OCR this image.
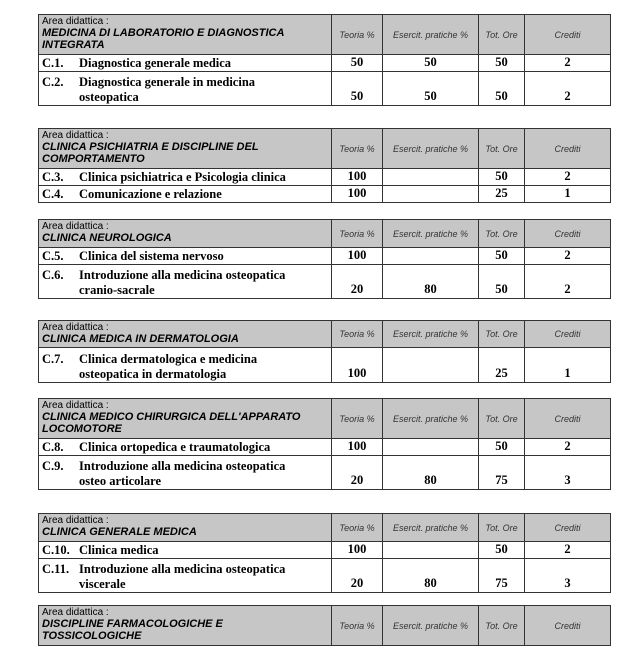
Area didattica :
MEDICINA DI LABORATORIO E DIAGNOSTICA
INTEGRATA	Teoria %	Esercit. pratiche %	Tot. Ore	Crediti
C.1. Diagnostica generale medica	50	50	50	2
C.2. Diagnostica generale in medicina
osteopatica	50	50	50	2
Area didattica :
CLINICA PSICHIATRIA E DISCIPLINE DEL
COMPORTAMENTO	Teoria %	Esercit. pratiche %	Tot. Ore	Crediti
C.3. Clinica psichiatrica e Psicologia clinica	100		50	2
C.4. Comunicazione e relazione	100		25	1
Area didattica :
CLINICA NEUROLOGICA	Teoria %	Esercit. pratiche %	Tot. Ore	Crediti
C.5. Clinica del sistema nervoso	100		50	2
C.6. Introduzione alla medicina osteopatica
cranio-sacrale	20	80	50	2
Area didattica :
CLINICA MEDICA IN DERMATOLOGIA	Teoria %	Esercit. pratiche %	Tot. Ore	Crediti
C.7. Clinica dermatologica e medicina
osteopatica in dermatologia	100		25	1
Area didattica :
CLINICA MEDICO CHIRURGICA DELL'APPARATO
LOCOMOTORE	Teoria %	Esercit. pratiche %	Tot. Ore	Crediti
C.8. Clinica ortopedica e traumatologica	100		50	2
C.9. Introduzione alla medicina osteopatica
osteo articolare	20	80	75	3
Area didattica :
CLINICA GENERALE MEDICA	Teoria %	Esercit. pratiche %	Tot. Ore	Crediti
C.10. Clinica medica	100		50	2
C.11. Introduzione alla medicina osteopatica
viscerale	20	80	75	3
Area didattica :
DISCIPLINE FARMACOLOGICHE E
TOSSICOLOGICHE
	Teoria %	Esercit. pratiche %	Tot. Ore	Crediti
